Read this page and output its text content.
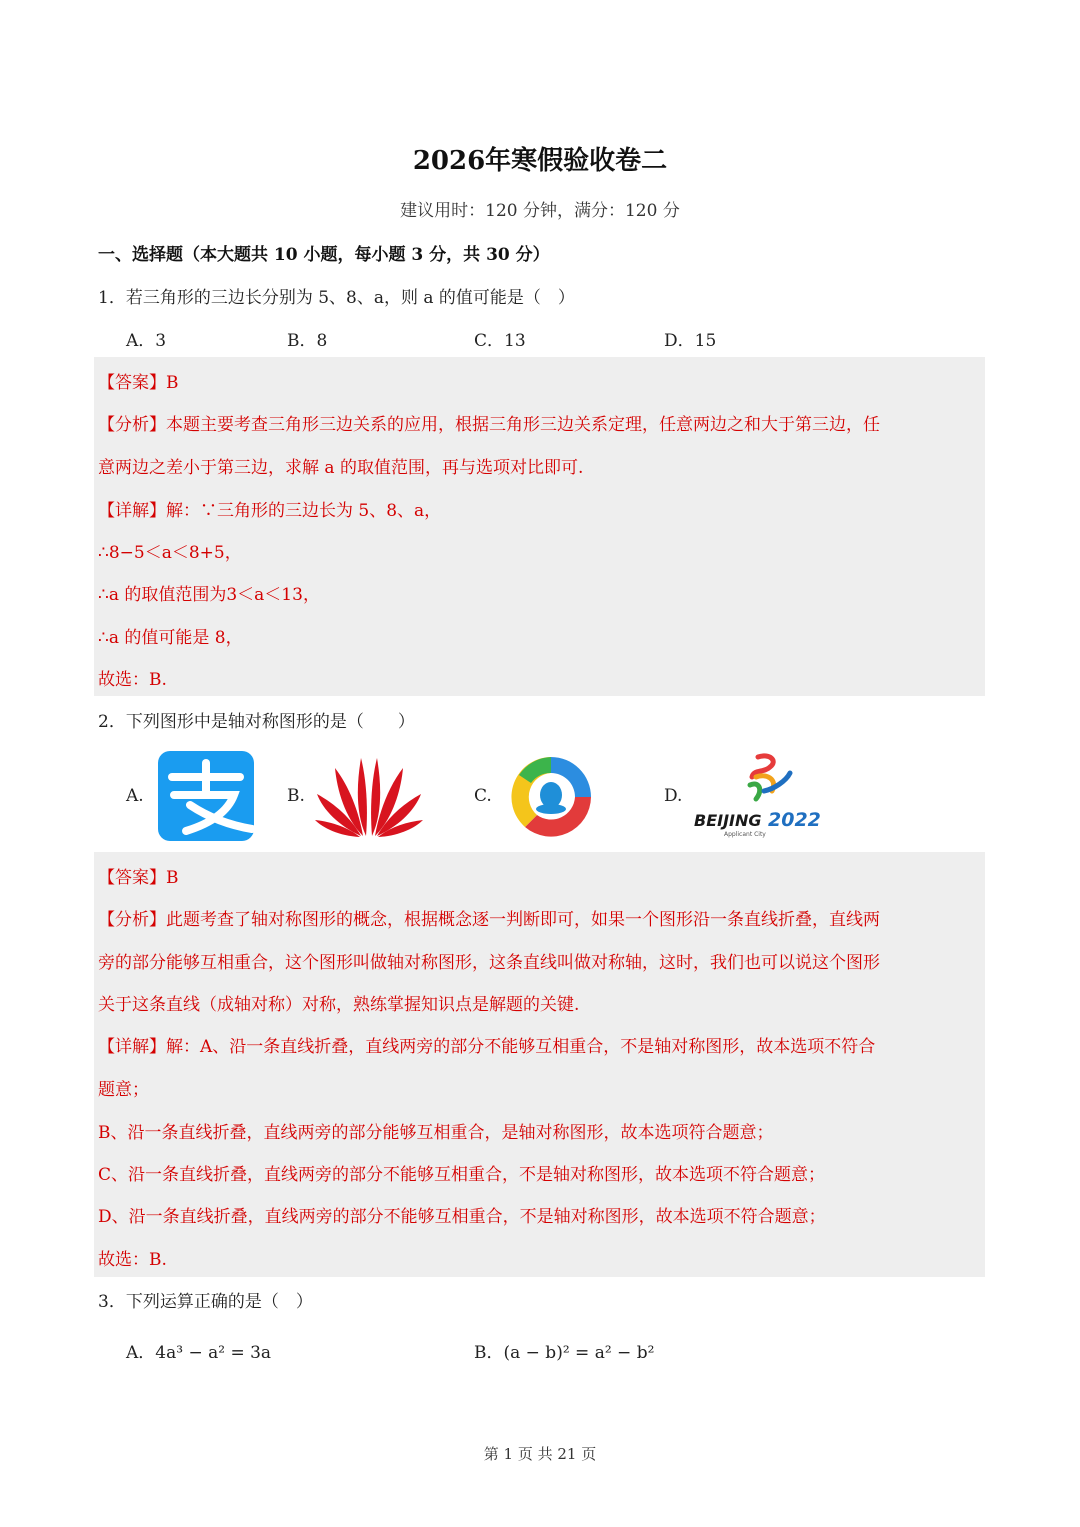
2026年寒假验收卷二
建议用时：120 分钟，满分：120 分
一、选择题（本大题共 10 小题，每小题 3 分，共 30 分）
1．若三角形的三边长分别为 5、8、a，则 a 的值可能是（　）
A．3	B．8	C．13	D．15
【答案】B
【分析】本题主要考查三角形三边关系的应用，根据三角形三边关系定理，任意两边之和大于第三边，任
意两边之差小于第三边，求解 a 的取值范围，再与选项对比即可.
【详解】解：∵三角形的三边长为 5、8、a，
∴8−5＜a＜8+5，
∴a 的取值范围为3＜a＜13，
∴a 的值可能是 8，
故选：B.
2．下列图形中是轴对称图形的是（　　）
A.	B.	C.	D.
BEIJING 2022
Applicant City
【答案】B
【分析】此题考查了轴对称图形的概念，根据概念逐一判断即可，如果一个图形沿一条直线折叠，直线两
旁的部分能够互相重合，这个图形叫做轴对称图形，这条直线叫做对称轴，这时，我们也可以说这个图形
关于这条直线（成轴对称）对称，熟练掌握知识点是解题的关键.
【详解】解：A、沿一条直线折叠，直线两旁的部分不能够互相重合，不是轴对称图形，故本选项不符合
题意；
B、沿一条直线折叠，直线两旁的部分能够互相重合，是轴对称图形，故本选项符合题意；
C、沿一条直线折叠，直线两旁的部分不能够互相重合，不是轴对称图形，故本选项不符合题意；
D、沿一条直线折叠，直线两旁的部分不能够互相重合，不是轴对称图形，故本选项不符合题意；
故选：B.
3．下列运算正确的是（　）
A．4a³ − a² = 3a	B．(a − b)² = a² − b²
第 1 页 共 21 页
